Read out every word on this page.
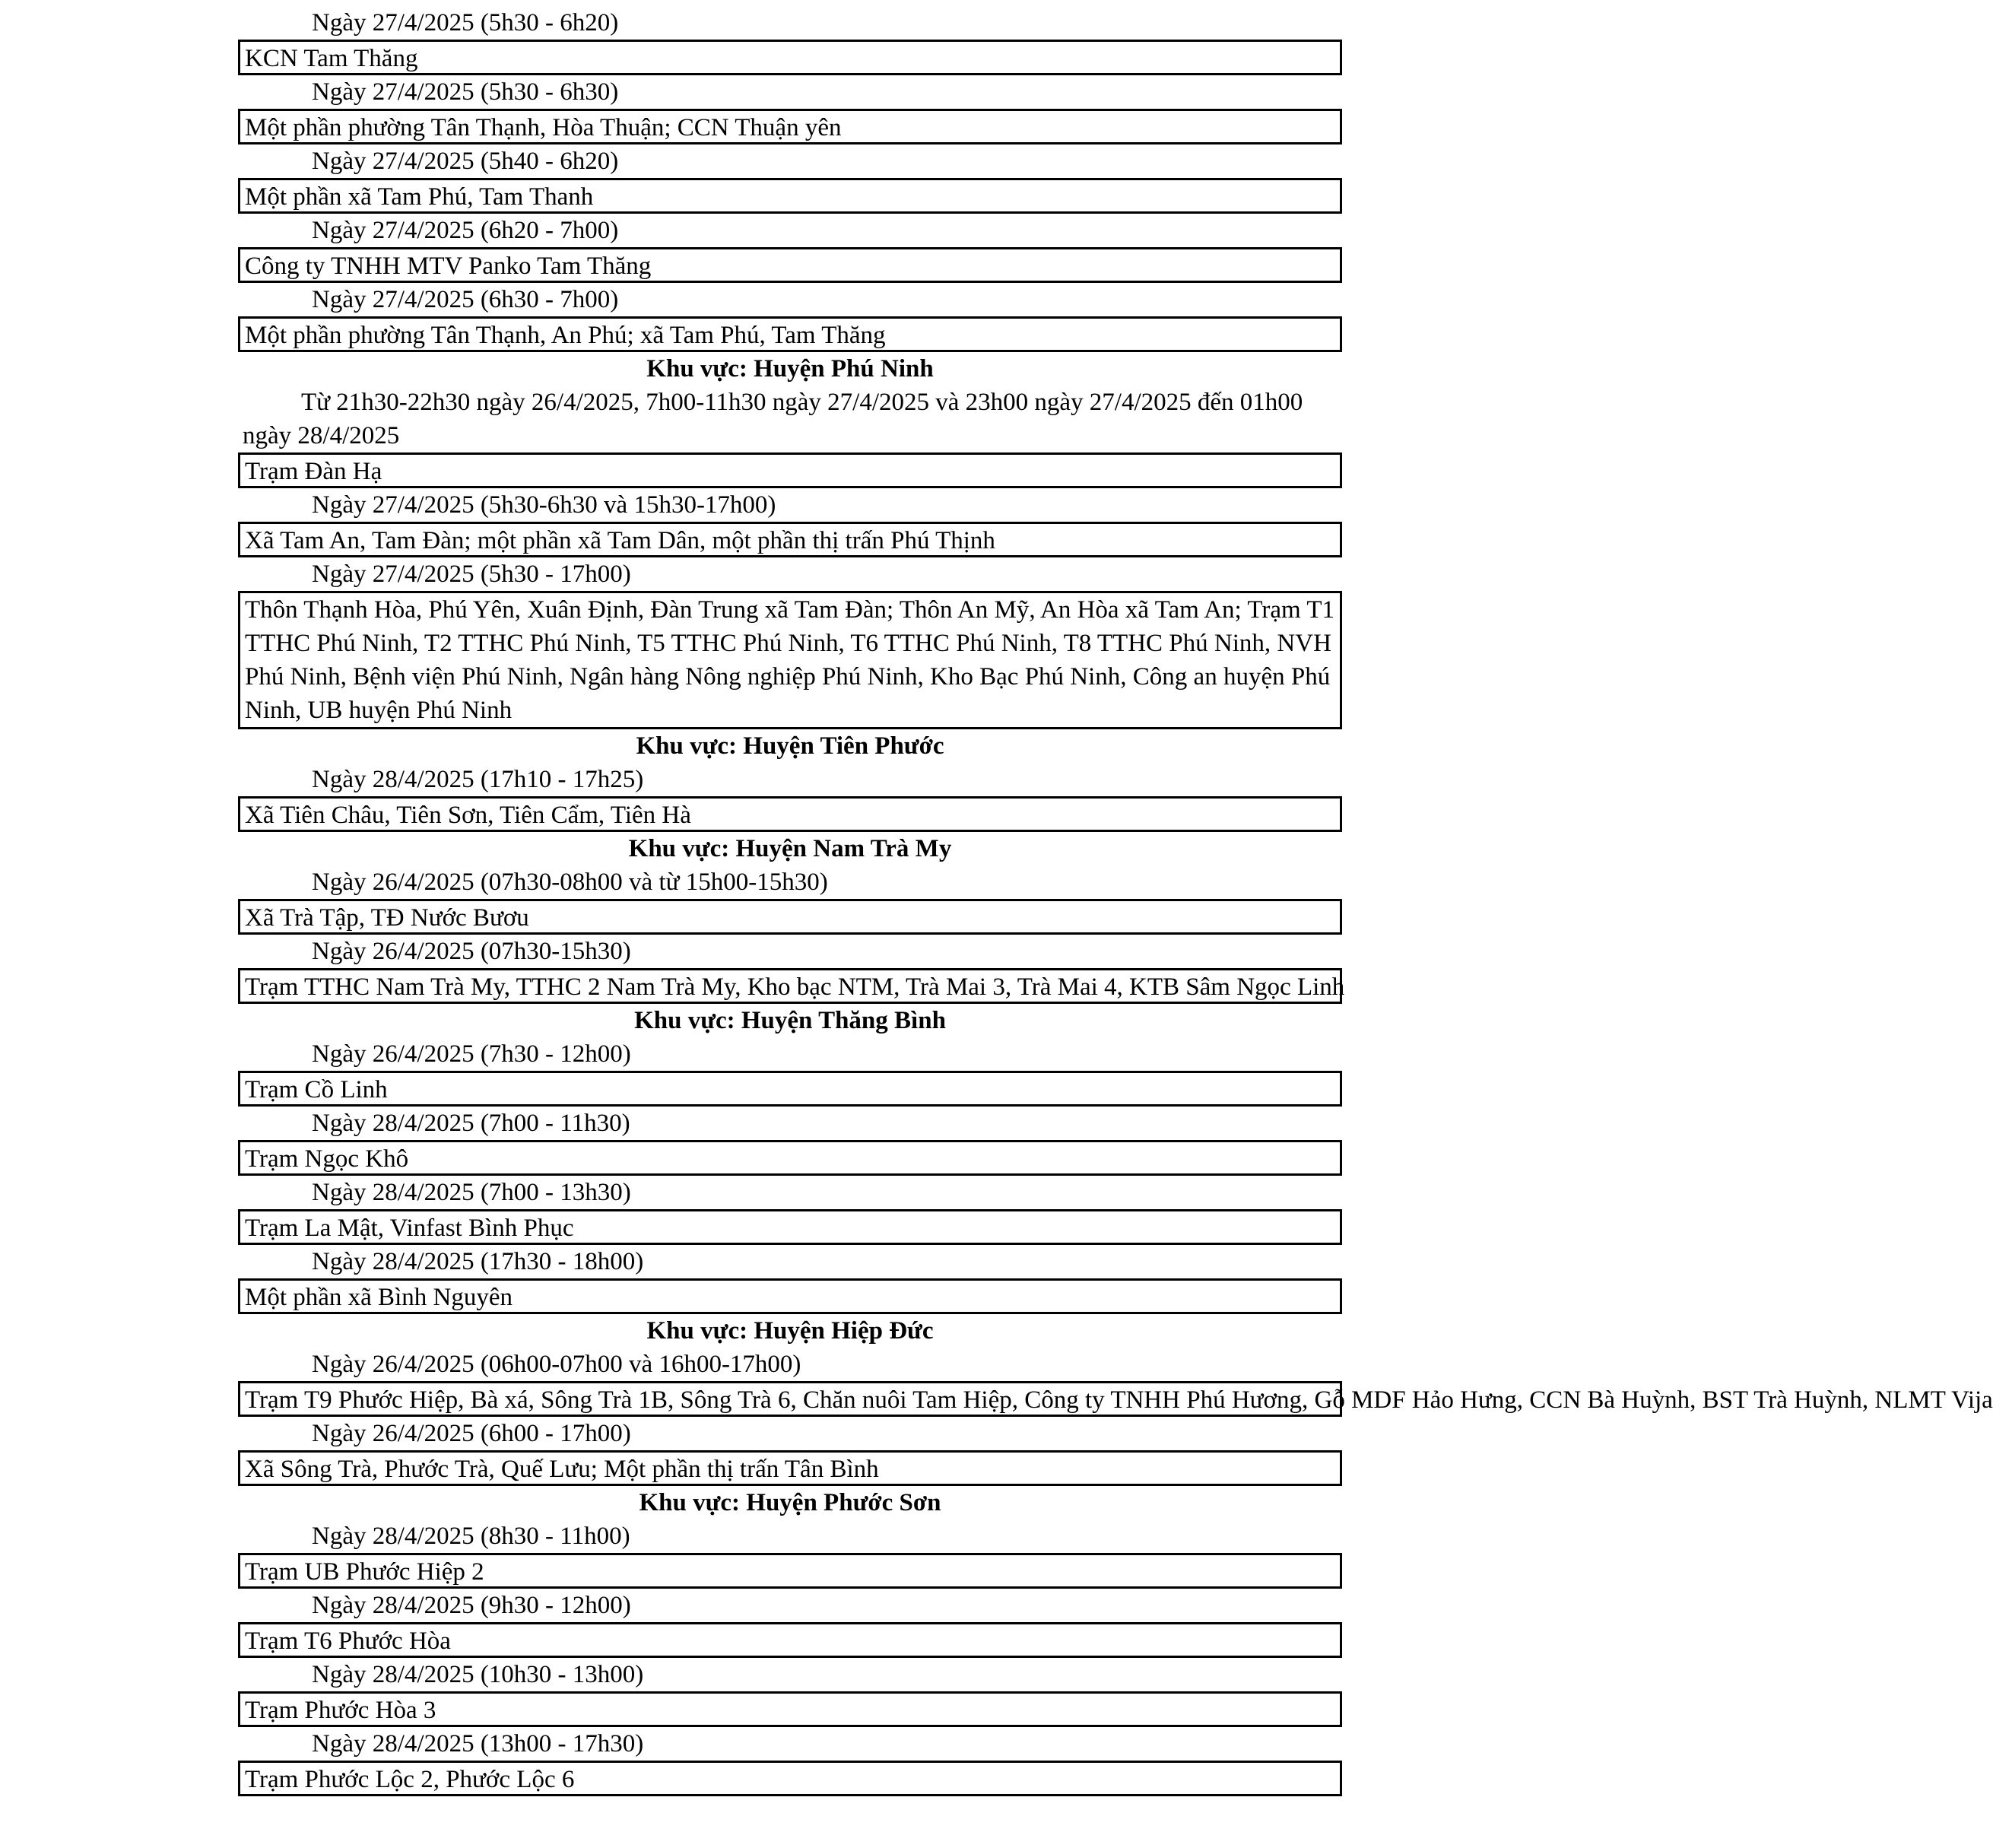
Ngày 27/4/2025 (5h30 - 6h20)
KCN Tam Thăng
Ngày 27/4/2025 (5h30 - 6h30)
Một phần phường Tân Thạnh, Hòa Thuận; CCN Thuận yên
Ngày 27/4/2025 (5h40 - 6h20)
Một phần xã Tam Phú, Tam Thanh
Ngày 27/4/2025 (6h20 - 7h00)
Công ty TNHH MTV Panko Tam Thăng
Ngày 27/4/2025 (6h30 - 7h00)
Một phần phường Tân Thạnh, An Phú; xã Tam Phú, Tam Thăng
Khu vực: Huyện Phú Ninh
Từ 21h30-22h30 ngày 26/4/2025, 7h00-11h30 ngày 27/4/2025 và 23h00 ngày 27/4/2025 đến 01h00 ngày 28/4/2025
Trạm Đàn Hạ
Ngày 27/4/2025 (5h30-6h30 và 15h30-17h00)
Xã Tam An, Tam Đàn; một phần xã Tam Dân, một phần thị trấn Phú Thịnh
Ngày 27/4/2025 (5h30 - 17h00)
Thôn Thạnh Hòa, Phú Yên, Xuân Định, Đàn Trung xã Tam Đàn; Thôn An Mỹ, An Hòa xã Tam An; Trạm T1 TTHC Phú Ninh, T2 TTHC Phú Ninh, T5 TTHC Phú Ninh, T6 TTHC Phú Ninh, T8 TTHC Phú Ninh, NVH Phú Ninh, Bệnh viện Phú Ninh, Ngân hàng Nông nghiệp Phú Ninh, Kho Bạc Phú Ninh, Công an huyện Phú Ninh, UB huyện Phú Ninh
Khu vực: Huyện Tiên Phước
Ngày 28/4/2025 (17h10 - 17h25)
Xã Tiên Châu, Tiên Sơn, Tiên Cẩm, Tiên Hà
Khu vực: Huyện Nam Trà My
Ngày 26/4/2025 (07h30-08h00 và từ 15h00-15h30)
Xã Trà Tập, TĐ Nước Bươu
Ngày 26/4/2025 (07h30-15h30)
Trạm TTHC Nam Trà My, TTHC 2 Nam Trà My, Kho bạc NTM, Trà Mai 3, Trà Mai 4, KTB Sâm Ngọc Linh
Khu vực: Huyện Thăng Bình
Ngày 26/4/2025 (7h30 - 12h00)
Trạm Cồ Linh
Ngày 28/4/2025 (7h00 - 11h30)
Trạm Ngọc Khô
Ngày 28/4/2025 (7h00 - 13h30)
Trạm La Mật, Vinfast Bình Phục
Ngày 28/4/2025 (17h30 - 18h00)
Một phần xã Bình Nguyên
Khu vực: Huyện Hiệp Đức
Ngày 26/4/2025 (06h00-07h00 và 16h00-17h00)
Trạm T9 Phước Hiệp, Bà xá, Sông Trà 1B, Sông Trà 6, Chăn nuôi Tam Hiệp, Công ty TNHH Phú Hương, Gỗ MDF Hảo Hưng, CCN Bà Huỳnh, BST Trà Huỳnh, NLMT Vija
Ngày 26/4/2025 (6h00 - 17h00)
Xã Sông Trà, Phước Trà, Quế Lưu; Một phần thị trấn Tân Bình
Khu vực: Huyện Phước Sơn
Ngày 28/4/2025 (8h30 - 11h00)
Trạm UB Phước Hiệp 2
Ngày 28/4/2025 (9h30 - 12h00)
Trạm T6 Phước Hòa
Ngày 28/4/2025 (10h30 - 13h00)
Trạm Phước Hòa 3
Ngày 28/4/2025 (13h00 - 17h30)
Trạm Phước Lộc 2, Phước Lộc 6
